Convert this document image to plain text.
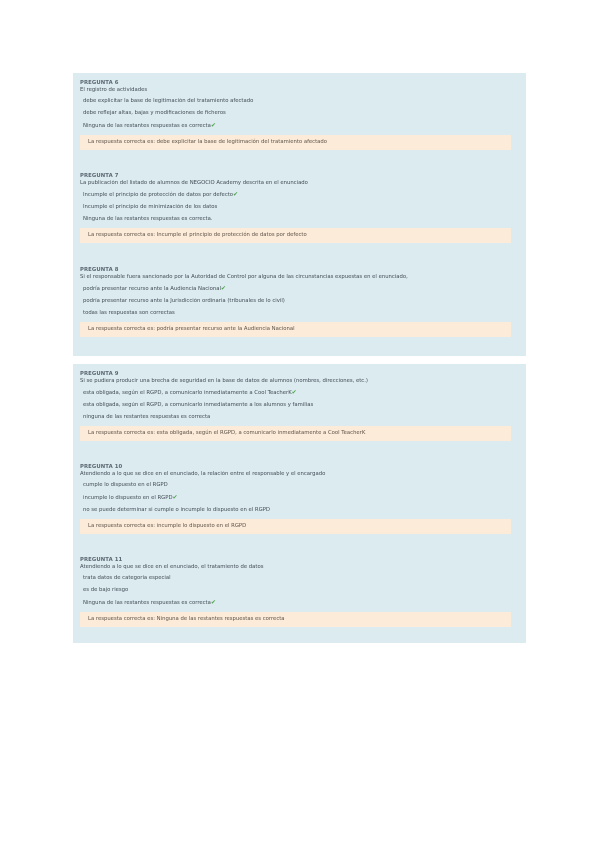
PREGUNTA 6

El registro de actividades

debe explicitar la base de legitimación del tratamiento afectado

debe reflejar altas, bajas y modificaciones de ficheros

Ninguna de las restantes respuestas es correcta✔

La respuesta correcta es: debe explicitar la base de legitimación del tratamiento afectado

PREGUNTA 7

La publicación del listado de alumnos de NEGOCIO Academy descrita en el enunciado

Incumple el principio de protección de datos por defecto✔

Incumple el principio de minimización de los datos

Ninguna de las restantes respuestas es correcta.

La respuesta correcta es: Incumple el principio de protección de datos por defecto

PREGUNTA 8

Si el responsable fuera sancionado por la Autoridad de Control por alguna de las circunstancias expuestas en el enunciado,

podría presentar recurso ante la Audiencia Nacional✔

podría presentar recurso ante la Jurisdicción ordinaria (tribunales de lo civil)

todas las respuestas son correctas

La respuesta correcta es: podría presentar recurso ante la Audiencia Nacional

PREGUNTA 9

Si se pudiera producir una brecha de seguridad en la base de datos de alumnos (nombres, direcciones, etc.)

esta obligada, según el RGPD, a comunicarlo inmediatamente a Cool TeacherK✔

esta obligada, según el RGPD, a comunicarlo inmediatamente a los alumnos y familias

ninguna de las restantes respuestas es correcta

La respuesta correcta es: esta obligada, según el RGPD, a comunicarlo inmediatamente a Cool TeacherK

PREGUNTA 10

Atendiendo a lo que se dice en el enunciado, la relación entre el responsable y el encargado

cumple lo dispuesto en el RGPD

incumple lo dispuesto en el RGPD✔

no se puede determinar si cumple o incumple lo dispuesto en el RGPD

La respuesta correcta es: incumple lo dispuesto en el RGPD

PREGUNTA 11

Atendiendo a lo que se dice en el enunciado, el tratamiento de datos

trata datos de categoría especial

es de bajo riesgo

Ninguna de las restantes respuestas es correcta✔

La respuesta correcta es: Ninguna de las restantes respuestas es correcta
